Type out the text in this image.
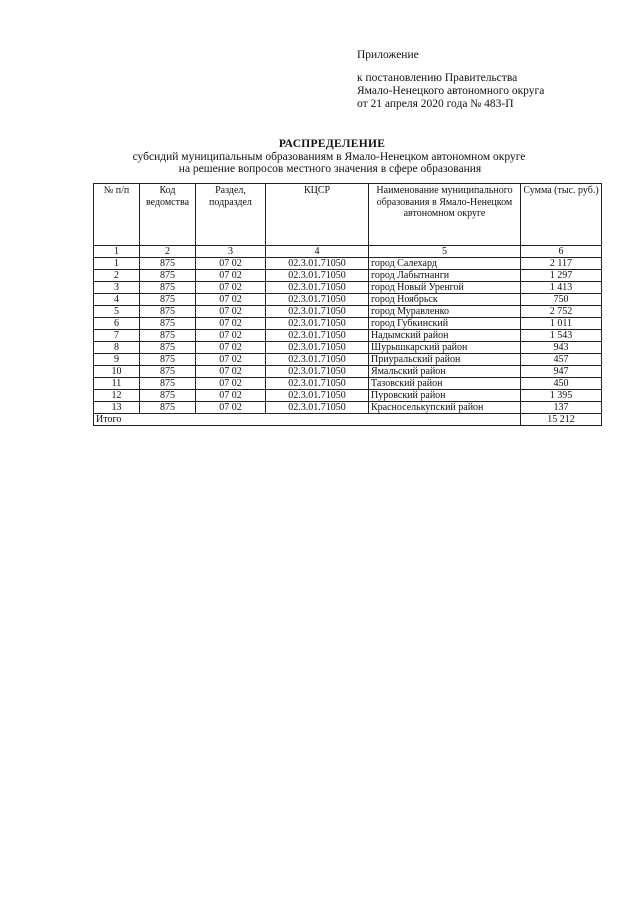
Приложение
к постановлению Правительства
Ямало-Ненецкого автономного округа
от 21 апреля 2020 года № 483-П
РАСПРЕДЕЛЕНИЕ
субсидий муниципальным образованиям в Ямало-Ненецком автономном округе
на решение вопросов местного значения в сфере образования
№ п/п	Код ведомства	Раздел, подраздел	КЦСР	Наименование муниципального образования в Ямало-Ненецком автономном округе	Сумма (тыс. руб.)
1	2	3	4	5	6
1	875	07 02	02.3.01.71050	город Салехард	2 117
2	875	07 02	02.3.01.71050	город Лабытнанги	1 297
3	875	07 02	02.3.01.71050	город Новый Уренгой	1 413
4	875	07 02	02.3.01.71050	город Ноябрьск	750
5	875	07 02	02.3.01.71050	город Муравленко	2 752
6	875	07 02	02.3.01.71050	город Губкинский	1 011
7	875	07 02	02.3.01.71050	Надымский район	1 543
8	875	07 02	02.3.01.71050	Шурышкарский район	943
9	875	07 02	02.3.01.71050	Приуральский район	457
10	875	07 02	02.3.01.71050	Ямальский район	947
11	875	07 02	02.3.01.71050	Тазовский район	450
12	875	07 02	02.3.01.71050	Пуровский район	1 395
13	875	07 02	02.3.01.71050	Красноселькупский район	137
Итого					15 212
